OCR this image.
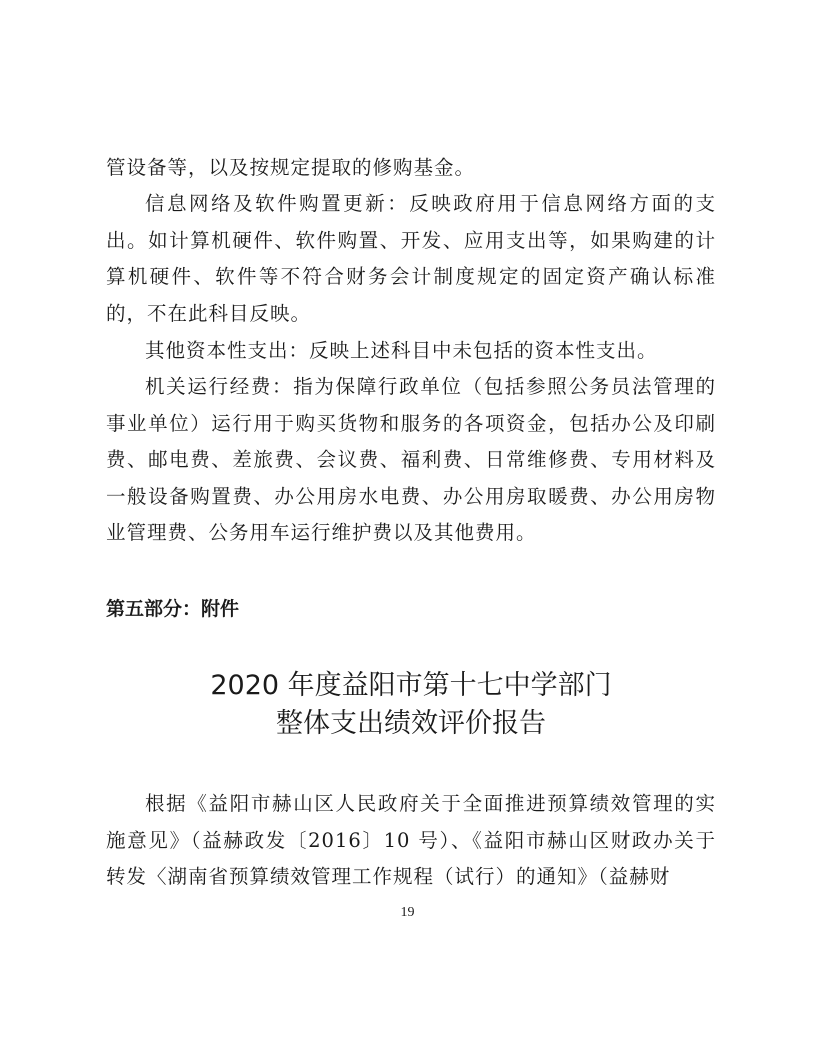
管设备等，以及按规定提取的修购基金。

信息网络及软件购置更新：反映政府用于信息网络方面的支出。如计算机硬件、软件购置、开发、应用支出等，如果购建的计算机硬件、软件等不符合财务会计制度规定的固定资产确认标准的，不在此科目反映。

其他资本性支出：反映上述科目中未包括的资本性支出。

机关运行经费：指为保障行政单位（包括参照公务员法管理的事业单位）运行用于购买货物和服务的各项资金，包括办公及印刷费、邮电费、差旅费、会议费、福利费、日常维修费、专用材料及一般设备购置费、办公用房水电费、办公用房取暖费、办公用房物业管理费、公务用车运行维护费以及其他费用。

第五部分：附件

2020 年度益阳市第十七中学部门

整体支出绩效评价报告

根据《益阳市赫山区人民政府关于全面推进预算绩效管理的实施意见》（益赫政发〔2016〕10 号）、《益阳市赫山区财政办关于转发〈湖南省预算绩效管理工作规程（试行）的通知》（益赫财

19
